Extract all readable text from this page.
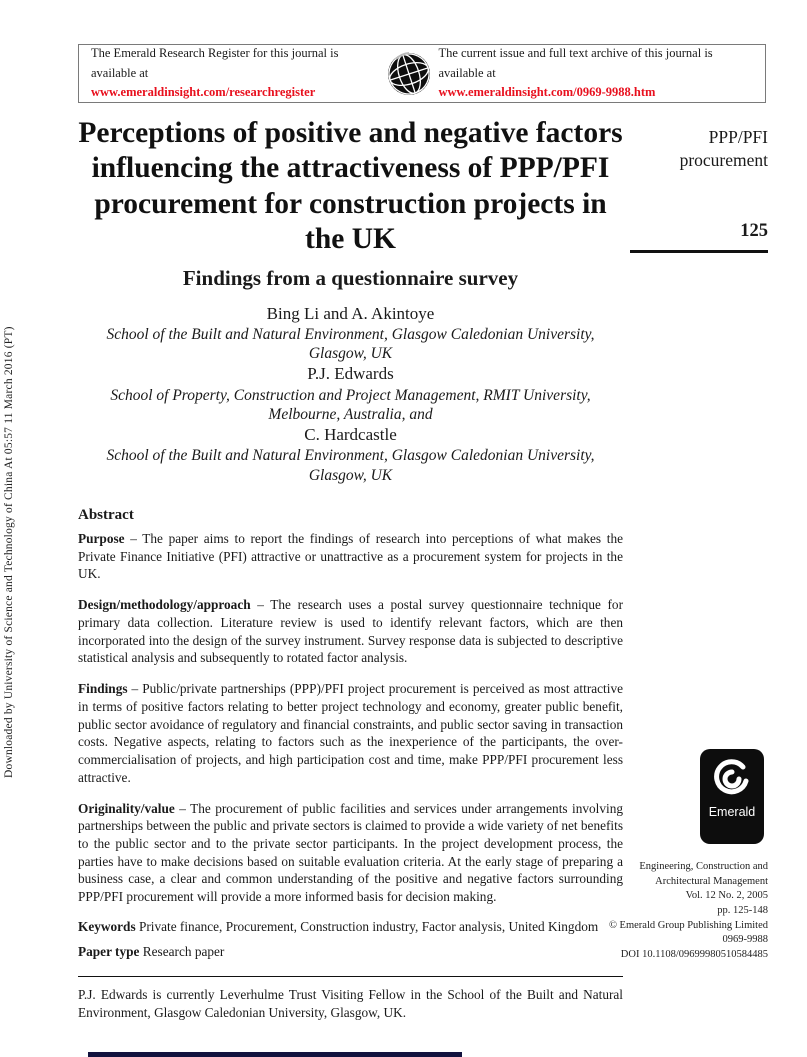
Downloaded by University of Science and Technology of China At 05:57 11 March 2016 (PT)
The Emerald Research Register for this journal is available at
www.emeraldinsight.com/researchregister
The current issue and full text archive of this journal is available at
www.emeraldinsight.com/0969-9988.htm
Perceptions of positive and negative factors influencing the attractiveness of PPP/PFI procurement for construction projects in the UK
Findings from a questionnaire survey
Bing Li and A. Akintoye
School of the Built and Natural Environment, Glasgow Caledonian University, Glasgow, UK
P.J. Edwards
School of Property, Construction and Project Management, RMIT University, Melbourne, Australia, and
C. Hardcastle
School of the Built and Natural Environment, Glasgow Caledonian University, Glasgow, UK
Abstract

Purpose – The paper aims to report the findings of research into perceptions of what makes the Private Finance Initiative (PFI) attractive or unattractive as a procurement system for projects in the UK.

Design/methodology/approach – The research uses a postal survey questionnaire technique for primary data collection. Literature review is used to identify relevant factors, which are then incorporated into the design of the survey instrument. Survey response data is subjected to descriptive statistical analysis and subsequently to rotated factor analysis.

Findings – Public/private partnerships (PPP)/PFI project procurement is perceived as most attractive in terms of positive factors relating to better project technology and economy, greater public benefit, public sector avoidance of regulatory and financial constraints, and public sector saving in transaction costs. Negative aspects, relating to factors such as the inexperience of the participants, the over-commercialisation of projects, and high participation cost and time, make PPP/PFI procurement less attractive.

Originality/value – The procurement of public facilities and services under arrangements involving partnerships between the public and private sectors is claimed to provide a wide variety of net benefits to the public sector and to the private sector participants. In the project development process, the parties have to make decisions based on suitable evaluation criteria. At the early stage of preparing a business case, a clear and common understanding of the positive and negative factors surrounding PPP/PFI procurement will provide a more informed basis for decision making.

Keywords Private finance, Procurement, Construction industry, Factor analysis, United Kingdom
Paper type Research paper

P.J. Edwards is currently Leverhulme Trust Visiting Fellow in the School of the Built and Natural Environment, Glasgow Caledonian University, Glasgow, UK.

PPP/PFI
procurement
125
Emerald
Engineering, Construction and
Architectural Management
Vol. 12 No. 2, 2005
pp. 125-148
© Emerald Group Publishing Limited
0969-9988
DOI 10.1108/09699980510584485
